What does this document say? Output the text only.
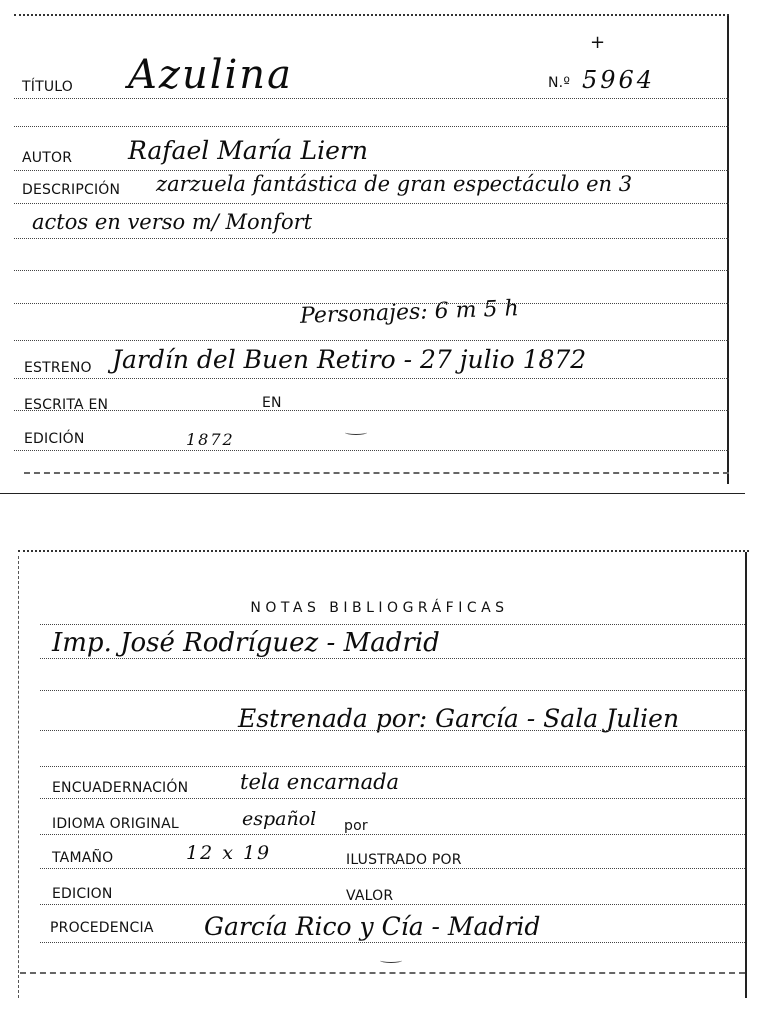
+
TÍTULO Azulina	N.º 5964
AUTOR Rafael María Liern
DESCRIPCIÓN zarzuela fantástica de gran espectáculo en 3
actos en verso m/ Monfort
Personajes: 6 m 5 h
ESTRENO Jardín del Buen Retiro - 27 julio 1872
ESCRITA EN	EN
EDICIÓN	1872
NOTAS BIBLIOGRÁFICAS
Imp. José Rodríguez - Madrid
Estrenada por: García - Sala Julien
ENCUADERNACIÓN tela encarnada
IDIOMA ORIGINAL	español por
TAMAÑO	12 x 19	ILUSTRADO POR
EDICION	VALOR
PROCEDENCIA García Rico y Cía - Madrid
